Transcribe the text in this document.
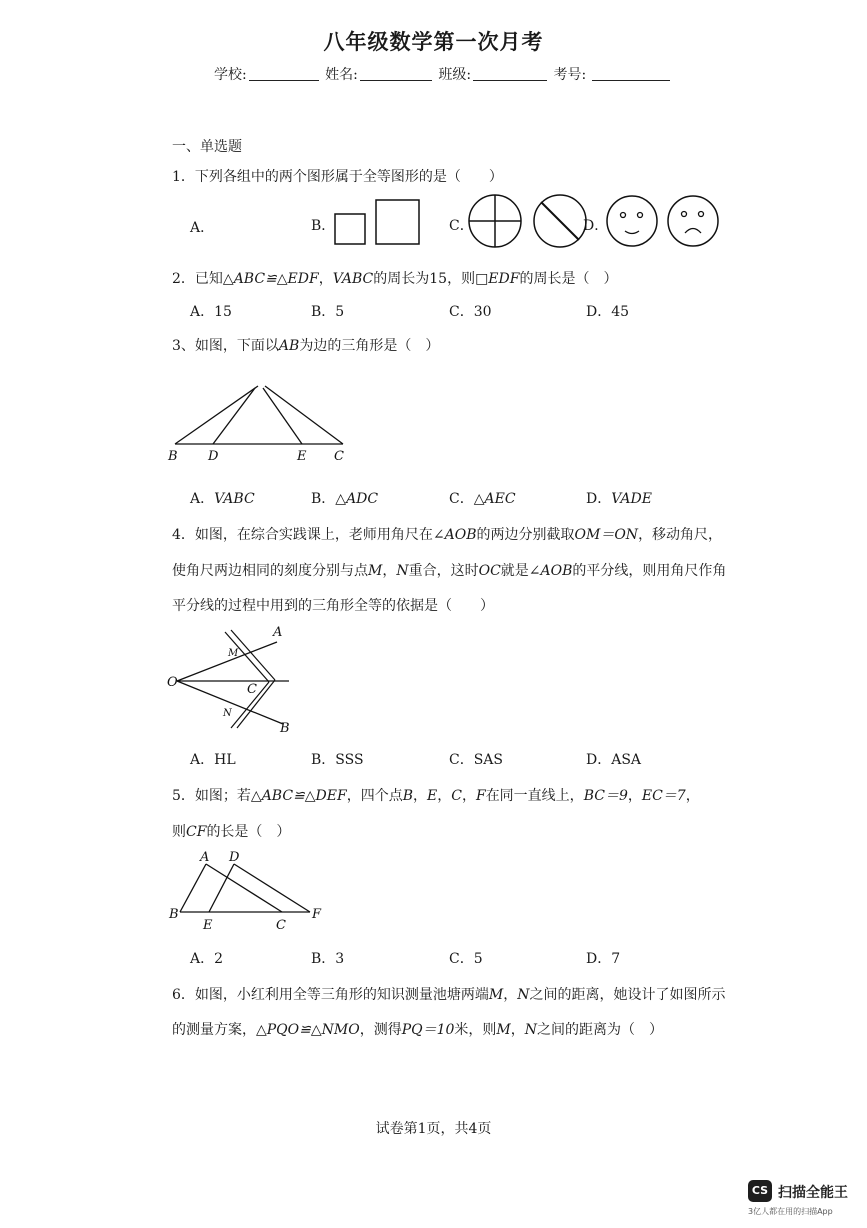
八年级数学第一次月考
学校:	姓名:	班级:	考号:
一、单选题
1．下列各组中的两个图形属于全等图形的是（　　）
A．	B．	C．	D．
2．已知△ABC≌△EDF，VABC的周长为15，则□EDF的周长是（　）
A．15	B．5	C．30	D．45
3、如图，下面以AB为边的三角形是（　）
B D	E C
A．VABC	B．△ADC	C．△AEC	D．VADE
4．如图，在综合实践课上，老师用角尺在∠AOB的两边分别截取OM＝ON，移动角尺，
使角尺两边相同的刻度分别与点M，N重合，这时OC就是∠AOB的平分线，则用角尺作角
平分线的过程中用到的三角形全等的依据是（　　）
A
O	C
B
M
N
A．HL	B．SSS	C．SAS	D．ASA
5．如图；若△ABC≌△DEF，四个点B，E，C，F在同一直线上，BC＝9，EC＝7，
则CF的长是（　）
A D
B
E	C
F
A．2	B．3	C．5	D．7
6．如图，小红利用全等三角形的知识测量池塘两端M，N之间的距离，她设计了如图所示
的测量方案，△PQO≌△NMO，测得PQ＝10米，则M，N之间的距离为（　）
试卷第1页，共4页
CS 扫描全能王
3亿人都在用的扫描App
